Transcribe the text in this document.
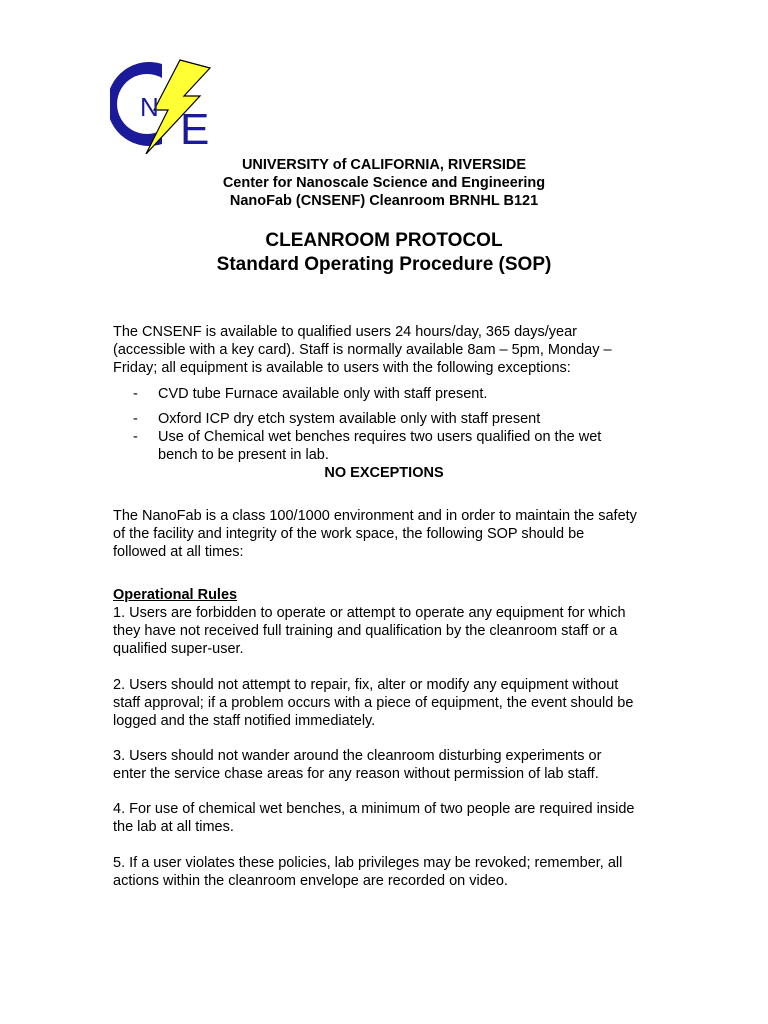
N E
UNIVERSITY of CALIFORNIA, RIVERSIDE
Center for Nanoscale Science and Engineering
NanoFab (CNSENF) Cleanroom BRNHL B121
CLEANROOM PROTOCOL
Standard Operating Procedure (SOP)
The CNSENF is available to qualified users 24 hours/day, 365 days/year
(accessible with a key card). Staff is normally available 8am – 5pm, Monday –
Friday; all equipment is available to users with the following exceptions:
- CVD tube Furnace available only with staff present.
- Oxford ICP dry etch system available only with staff present
- Use of Chemical wet benches requires two users qualified on the wet
bench to be present in lab.
NO EXCEPTIONS
The NanoFab is a class 100/1000 environment and in order to maintain the safety
of the facility and integrity of the work space, the following SOP should be
followed at all times:
Operational Rules
1. Users are forbidden to operate or attempt to operate any equipment for which
they have not received full training and qualification by the cleanroom staff or a
qualified super-user.
2. Users should not attempt to repair, fix, alter or modify any equipment without
staff approval; if a problem occurs with a piece of equipment, the event should be
logged and the staff notified immediately.
3. Users should not wander around the cleanroom disturbing experiments or
enter the service chase areas for any reason without permission of lab staff.
4. For use of chemical wet benches, a minimum of two people are required inside
the lab at all times.
5. If a user violates these policies, lab privileges may be revoked; remember, all
actions within the cleanroom envelope are recorded on video.
